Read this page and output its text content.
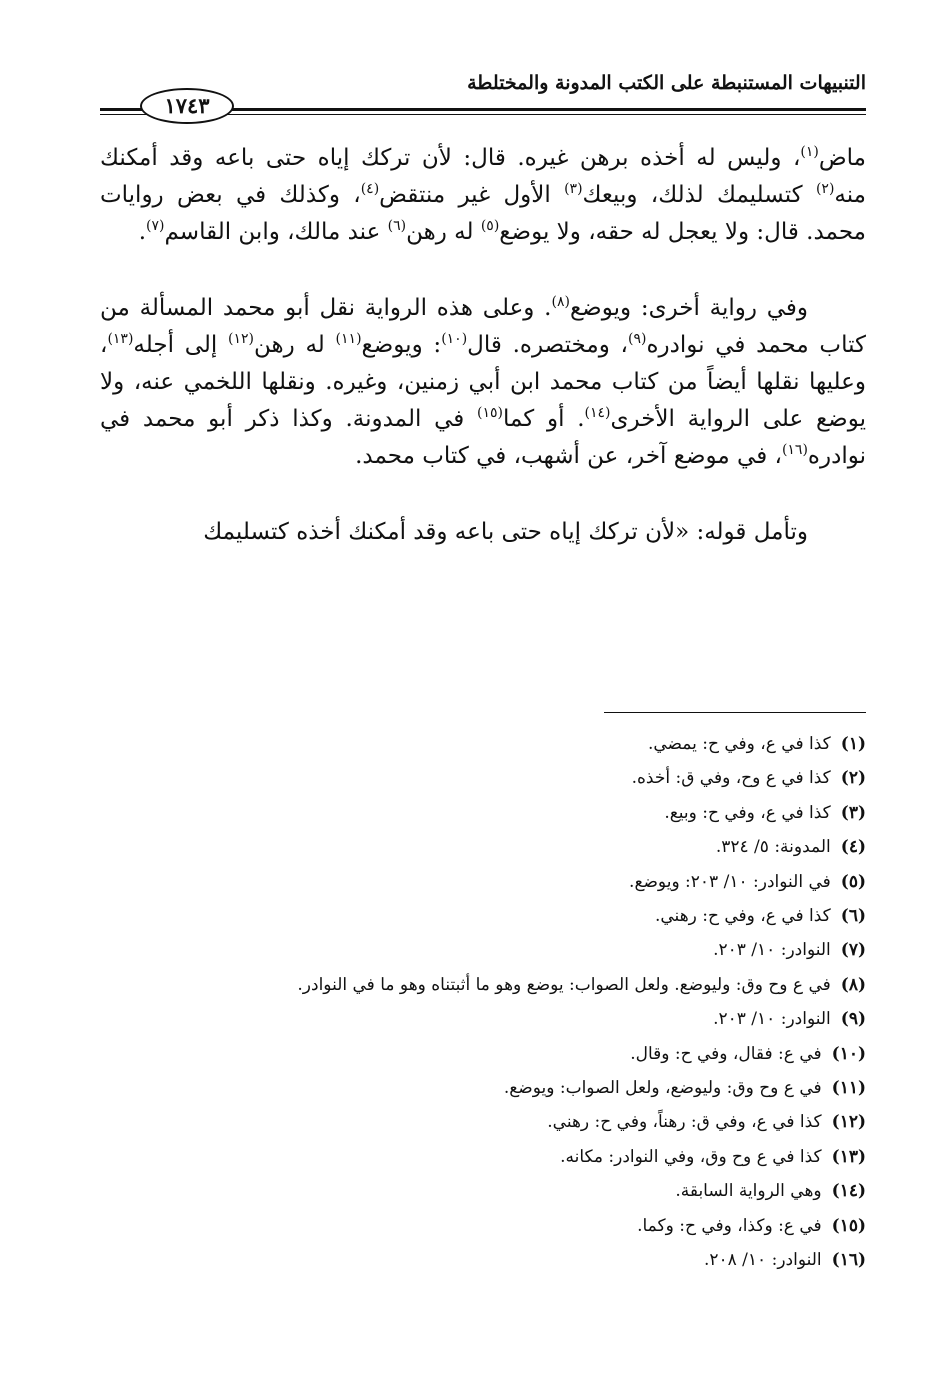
التنبيهات المستنبطة على الكتب المدونة والمختلطة
١٧٤٣

ماض$^{(١)}$، وليس له أخذه برهن غيره. قال: لأن تركك إياه حتى باعه وقد أمكنك منه$^{(٢)}$ كتسليمك لذلك، وبيعك$^{(٣)}$ الأول غير منتقض$^{(٤)}$، وكذلك في بعض روايات محمد. قال: ولا يعجل له حقه، ولا يوضع$^{(٥)}$ له رهن$^{(٦)}$ عند مالك، وابن القاسم$^{(٧)}$.

وفي رواية أخرى: ويوضع$^{(٨)}$. وعلى هذه الرواية نقل أبو محمد المسألة من كتاب محمد في نوادره$^{(٩)}$، ومختصره. قال$^{(١٠)}$: ويوضع$^{(١١)}$ له رهن$^{(١٢)}$ إلى أجله$^{(١٣)}$، وعليها نقلها أيضاً من كتاب محمد ابن أبي زمنين، وغيره. ونقلها اللخمي عنه، ولا يوضع على الرواية الأخرى$^{(١٤)}$. أو كما$^{(١٥)}$ في المدونة. وكذا ذكر أبو محمد في نوادره$^{(١٦)}$، في موضع آخر، عن أشهب، في كتاب محمد.

وتأمل قوله: «لأن تركك إياه حتى باعه وقد أمكنك أخذه كتسليمك

(١)
كذا في ع، وفي ح: يمضي.
(٢)
كذا في ع وح، وفي ق: أخذه.
(٣)
كذا في ع، وفي ح: وبيع.
(٤)
المدونة: ٥/ ٣٢٤.
(٥)
في النوادر: ١٠/ ٢٠٣: ويوضع.
(٦)
كذا في ع، وفي ح: رهني.
(٧)
النوادر: ١٠/ ٢٠٣.
(٨)
في ع وح وق: وليوضع. ولعل الصواب: يوضع وهو ما أثبتناه وهو ما في النوادر.
(٩)
النوادر: ١٠/ ٢٠٣.
(١٠)
في ع: فقال، وفي ح: وقال.
(١١)
في ع وح وق: وليوضع، ولعل الصواب: ويوضع.
(١٢)
كذا في ع، وفي ق: رهناً، وفي ح: رهني.
(١٣)
كذا في ع وح وق، وفي النوادر: مكانه.
(١٤)
وهي الرواية السابقة.
(١٥)
في ع: وكذا، وفي ح: وكما.
(١٦)
النوادر: ١٠/ ٢٠٨.
